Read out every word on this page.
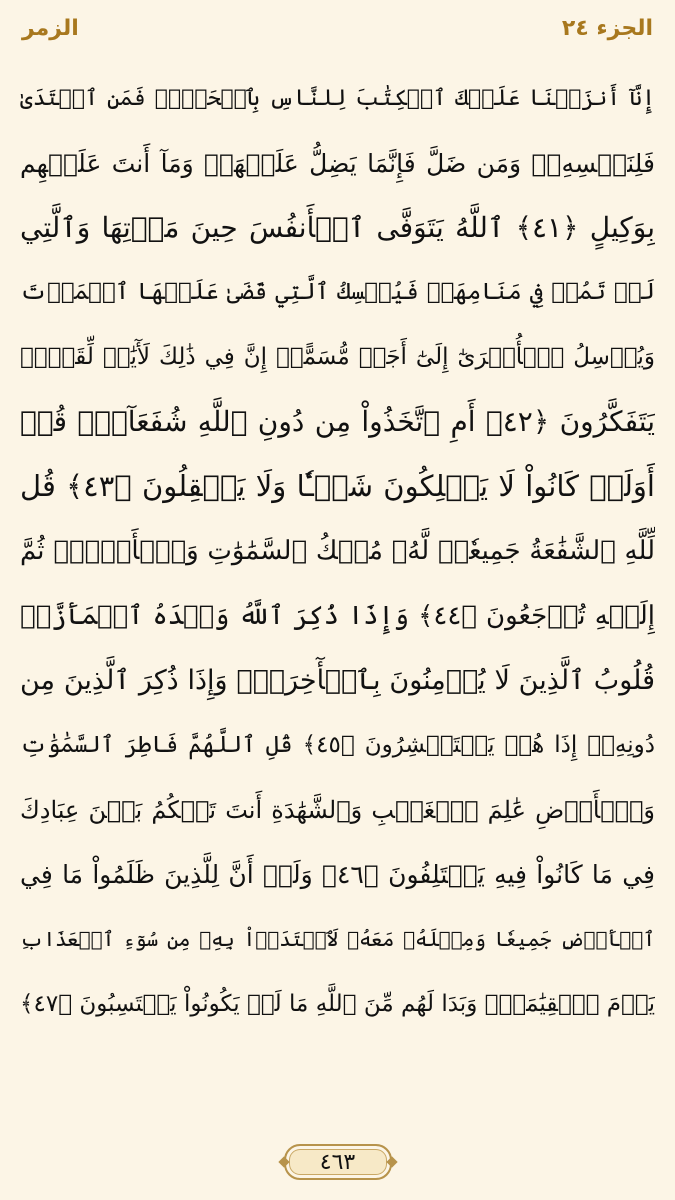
الزمر	الجزء ٢٤
إِنَّآ أَنزَلۡنَا عَلَيۡكَ ٱلۡكِتَٰبَ لِلنَّاسِ بِٱلۡحَقِّۖ فَمَنِ ٱهۡتَدَىٰ
فَلِنَفۡسِهِۦۖ وَمَن ضَلَّ فَإِنَّمَا يَضِلُّ عَلَيۡهَاۖ وَمَآ أَنتَ عَلَيۡهِم
بِوَكِيلٍ ﴿٤١﴾ ٱللَّهُ يَتَوَفَّى ٱلۡأَنفُسَ حِينَ مَوۡتِهَا وَٱلَّتِي
لَمۡ تَمُتۡ فِي مَنَامِهَاۖ فَيُمۡسِكُ ٱلَّتِي قَضَىٰ عَلَيۡهَا ٱلۡمَوۡتَ
وَيُرۡسِلُ ٱلۡأُخۡرَىٰٓ إِلَىٰٓ أَجَلٖ مُّسَمًّىۚ إِنَّ فِي ذَٰلِكَ لَأٓيَٰتٖ لِّقَوۡمٖ
يَتَفَكَّرُونَ ﴿٤٢﴾ أَمِ ٱتَّخَذُواْ مِن دُونِ ٱللَّهِ شُفَعَآءَۚ قُلۡ
أَوَلَوۡ كَانُواْ لَا يَمۡلِكُونَ شَيۡـٔٗا وَلَا يَعۡقِلُونَ ﴿٤٣﴾ قُل
لِّلَّهِ ٱلشَّفَٰعَةُ جَمِيعٗاۖ لَّهُۥ مُلۡكُ ٱلسَّمَٰوَٰتِ وَٱلۡأَرۡضِۖ ثُمَّ
إِلَيۡهِ تُرۡجَعُونَ ﴿٤٤﴾ وَإِذَا ذُكِرَ ٱللَّهُ وَحۡدَهُ ٱشۡمَأَزَّتۡ
قُلُوبُ ٱلَّذِينَ لَا يُؤۡمِنُونَ بِٱلۡأٓخِرَةِۖ وَإِذَا ذُكِرَ ٱلَّذِينَ مِن
دُونِهِۦٓ إِذَا هُمۡ يَسۡتَبۡشِرُونَ ﴿٤٥﴾ قُلِ ٱللَّهُمَّ فَاطِرَ ٱلسَّمَٰوَٰتِ
وَٱلۡأَرۡضِ عَٰلِمَ ٱلۡغَيۡبِ وَٱلشَّهَٰدَةِ أَنتَ تَحۡكُمُ بَيۡنَ عِبَادِكَ
فِي مَا كَانُواْ فِيهِ يَخۡتَلِفُونَ ﴿٤٦﴾ وَلَوۡ أَنَّ لِلَّذِينَ ظَلَمُواْ مَا فِي
ٱلۡأَرۡضِ جَمِيعٗا وَمِثۡلَهُۥ مَعَهُۥ لَٱفۡتَدَوۡاْ بِهِۦ مِن سُوٓءِ ٱلۡعَذَابِ
يَوۡمَ ٱلۡقِيَٰمَةِۚ وَبَدَا لَهُم مِّنَ ٱللَّهِ مَا لَمۡ يَكُونُواْ يَحۡتَسِبُونَ ﴿٤٧﴾
٤٦٣
